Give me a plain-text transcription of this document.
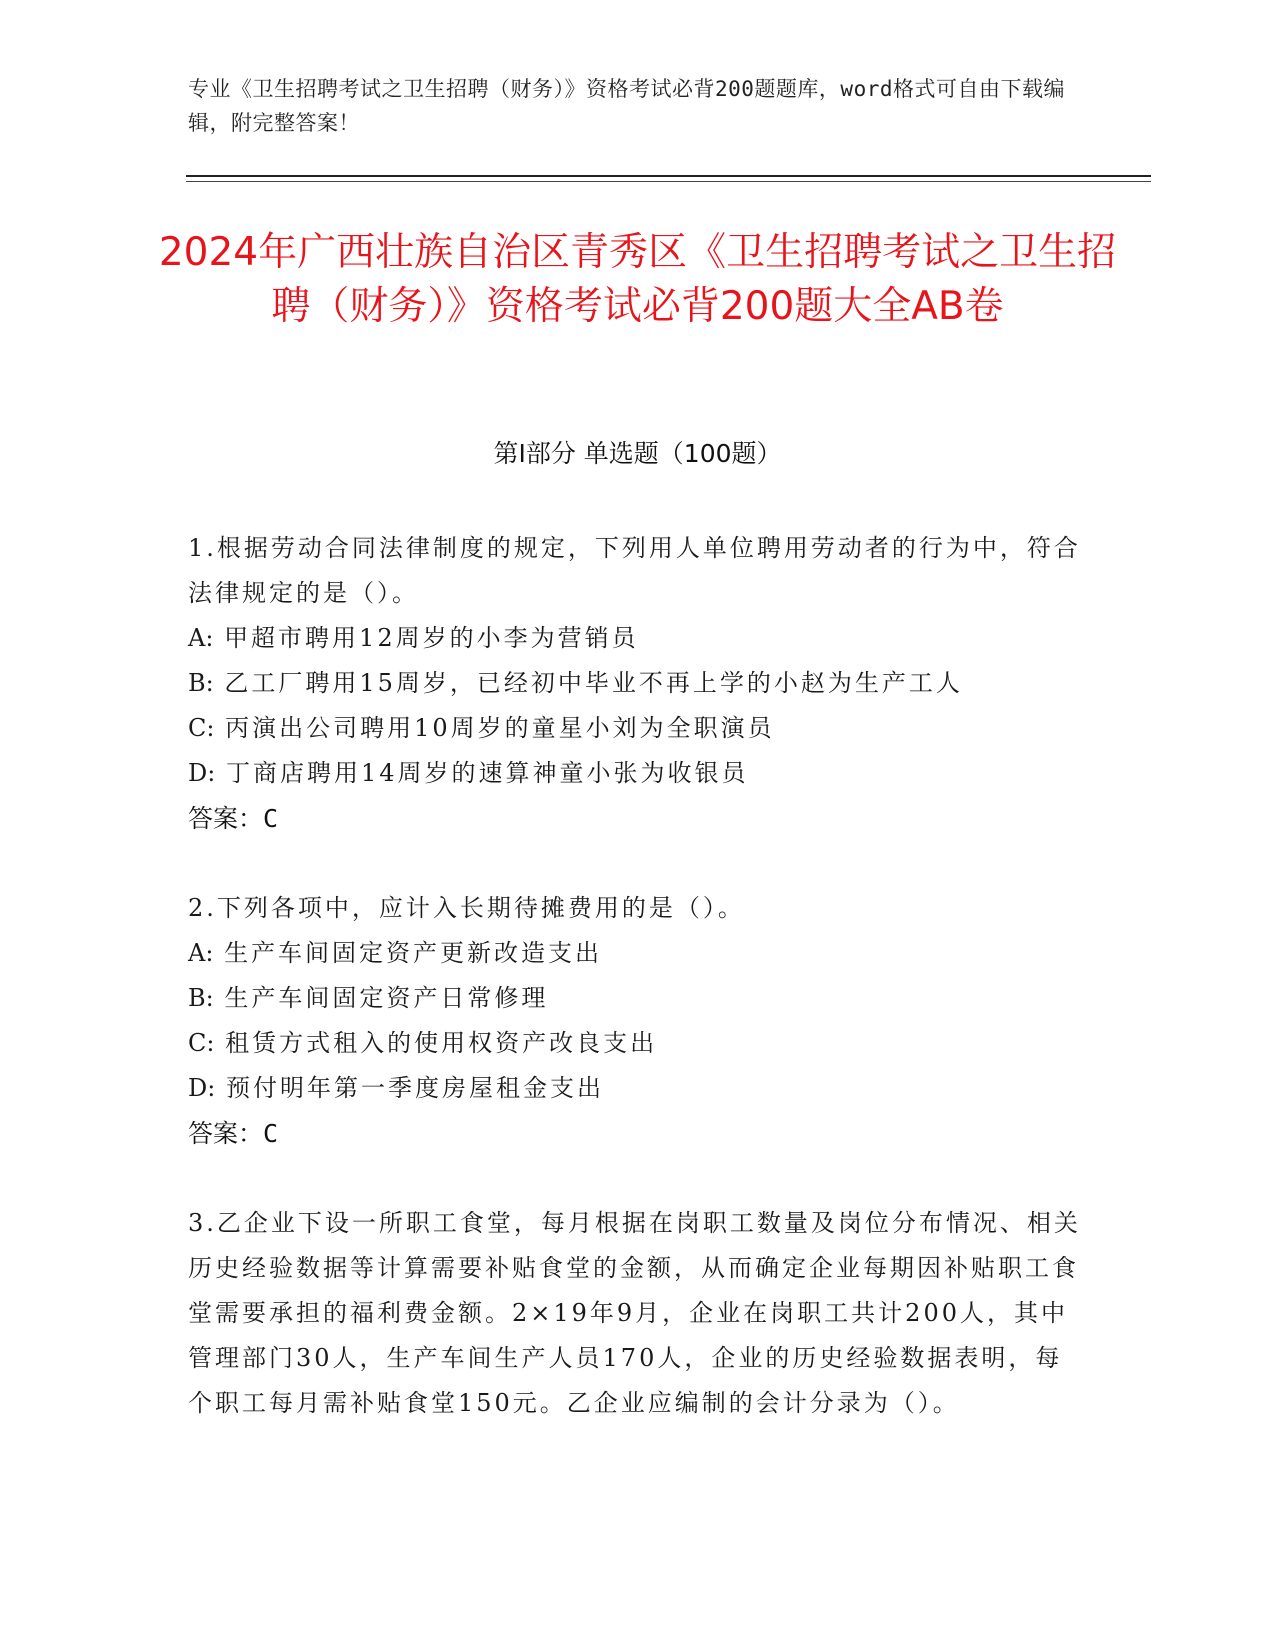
专业《卫生招聘考试之卫生招聘（财务）》资格考试必背200题题库，word格式可自由下载编辑，附完整答案！
2024年广西壮族自治区青秀区《卫生招聘考试之卫生招聘（财务）》资格考试必背200题大全AB卷
第Ⅰ部分 单选题（100题）
1.根据劳动合同法律制度的规定，下列用人单位聘用劳动者的行为中，符合法律规定的是（）。
A: 甲超市聘用12周岁的小李为营销员
B: 乙工厂聘用15周岁，已经初中毕业不再上学的小赵为生产工人
C: 丙演出公司聘用10周岁的童星小刘为全职演员
D: 丁商店聘用14周岁的速算神童小张为收银员
答案：C
2.下列各项中，应计入长期待摊费用的是（）。
A: 生产车间固定资产更新改造支出
B: 生产车间固定资产日常修理
C: 租赁方式租入的使用权资产改良支出
D: 预付明年第一季度房屋租金支出
答案：C
3.乙企业下设一所职工食堂，每月根据在岗职工数量及岗位分布情况、相关历史经验数据等计算需要补贴食堂的金额，从而确定企业每期因补贴职工食堂需要承担的福利费金额。2×19年9月，企业在岗职工共计200人，其中管理部门30人，生产车间生产人员170人，企业的历史经验数据表明，每个职工每月需补贴食堂150元。乙企业应编制的会计分录为（）。
